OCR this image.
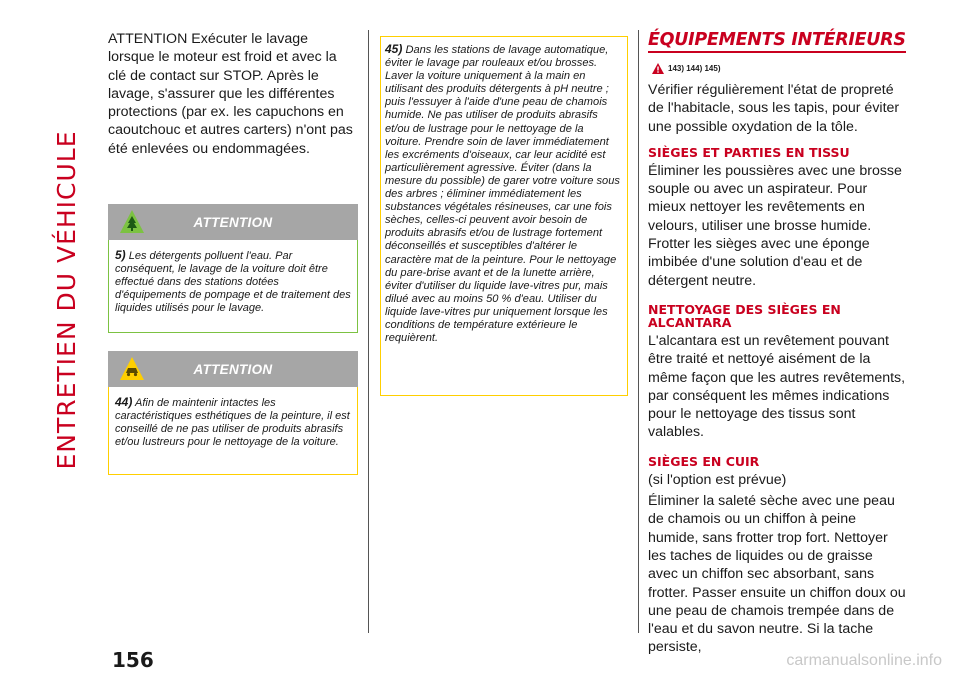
ENTRETIEN DU VÉHICULE

ATTENTION Exécuter le lavage lorsque le moteur est froid et avec la clé de contact sur STOP. Après le lavage, s'assurer que les différentes protections (par ex. les capuchons en caoutchouc et autres carters) n'ont pas été enlevées ou endommagées.

ATTENTION
5) Les détergents polluent l'eau. Par conséquent, le lavage de la voiture doit être effectué dans des stations dotées d'équipements de pompage et de traitement des liquides utilisés pour le lavage.
ATTENTION
44) Afin de maintenir intactes les caractéristiques esthétiques de la peinture, il est conseillé de ne pas utiliser de produits abrasifs et/ou lustreurs pour le nettoyage de la voiture.
45) Dans les stations de lavage automatique, éviter le lavage par rouleaux et/ou brosses. Laver la voiture uniquement à la main en utilisant des produits détergents à pH neutre ; puis l'essuyer à l'aide d'une peau de chamois humide. Ne pas utiliser de produits abrasifs et/ou de lustrage pour le nettoyage de la voiture. Prendre soin de laver immédiatement les excréments d'oiseaux, car leur acidité est particulièrement agressive. Éviter (dans la mesure du possible) de garer votre voiture sous des arbres ; éliminer immédiatement les substances végétales résineuses, car une fois sèches, celles-ci peuvent avoir besoin de produits abrasifs et/ou de lustrage fortement déconseillés et susceptibles d'altérer le caractère mat de la peinture. Pour le nettoyage du pare-brise avant et de la lunette arrière, éviter d'utiliser du liquide lave-vitres pur, mais dilué avec au moins 50 % d'eau. Utiliser du liquide lave-vitres pur uniquement lorsque les conditions de température extérieure le requièrent.
ÉQUIPEMENTS INTÉRIEURS
143) 144) 145)

Vérifier régulièrement l'état de propreté de l'habitacle, sous les tapis, pour éviter une possible oxydation de la tôle.

SIÈGES ET PARTIES EN TISSU

Éliminer les poussières avec une brosse souple ou avec un aspirateur. Pour mieux nettoyer les revêtements en velours, utiliser une brosse humide. Frotter les sièges avec une éponge imbibée d'une solution d'eau et de détergent neutre.

NETTOYAGE DES SIÈGES EN ALCANTARA

L'alcantara est un revêtement pouvant être traité et nettoyé aisément de la même façon que les autres revêtements, par conséquent les mêmes indications pour le nettoyage des tissus sont valables.

SIÈGES EN CUIR

(si l'option est prévue)

Éliminer la saleté sèche avec une peau de chamois ou un chiffon à peine humide, sans frotter trop fort. Nettoyer les taches de liquides ou de graisse avec un chiffon sec absorbant, sans frotter. Passer ensuite un chiffon doux ou une peau de chamois trempée dans de l'eau et du savon neutre. Si la tache persiste,

156	carmanualsonline.info
